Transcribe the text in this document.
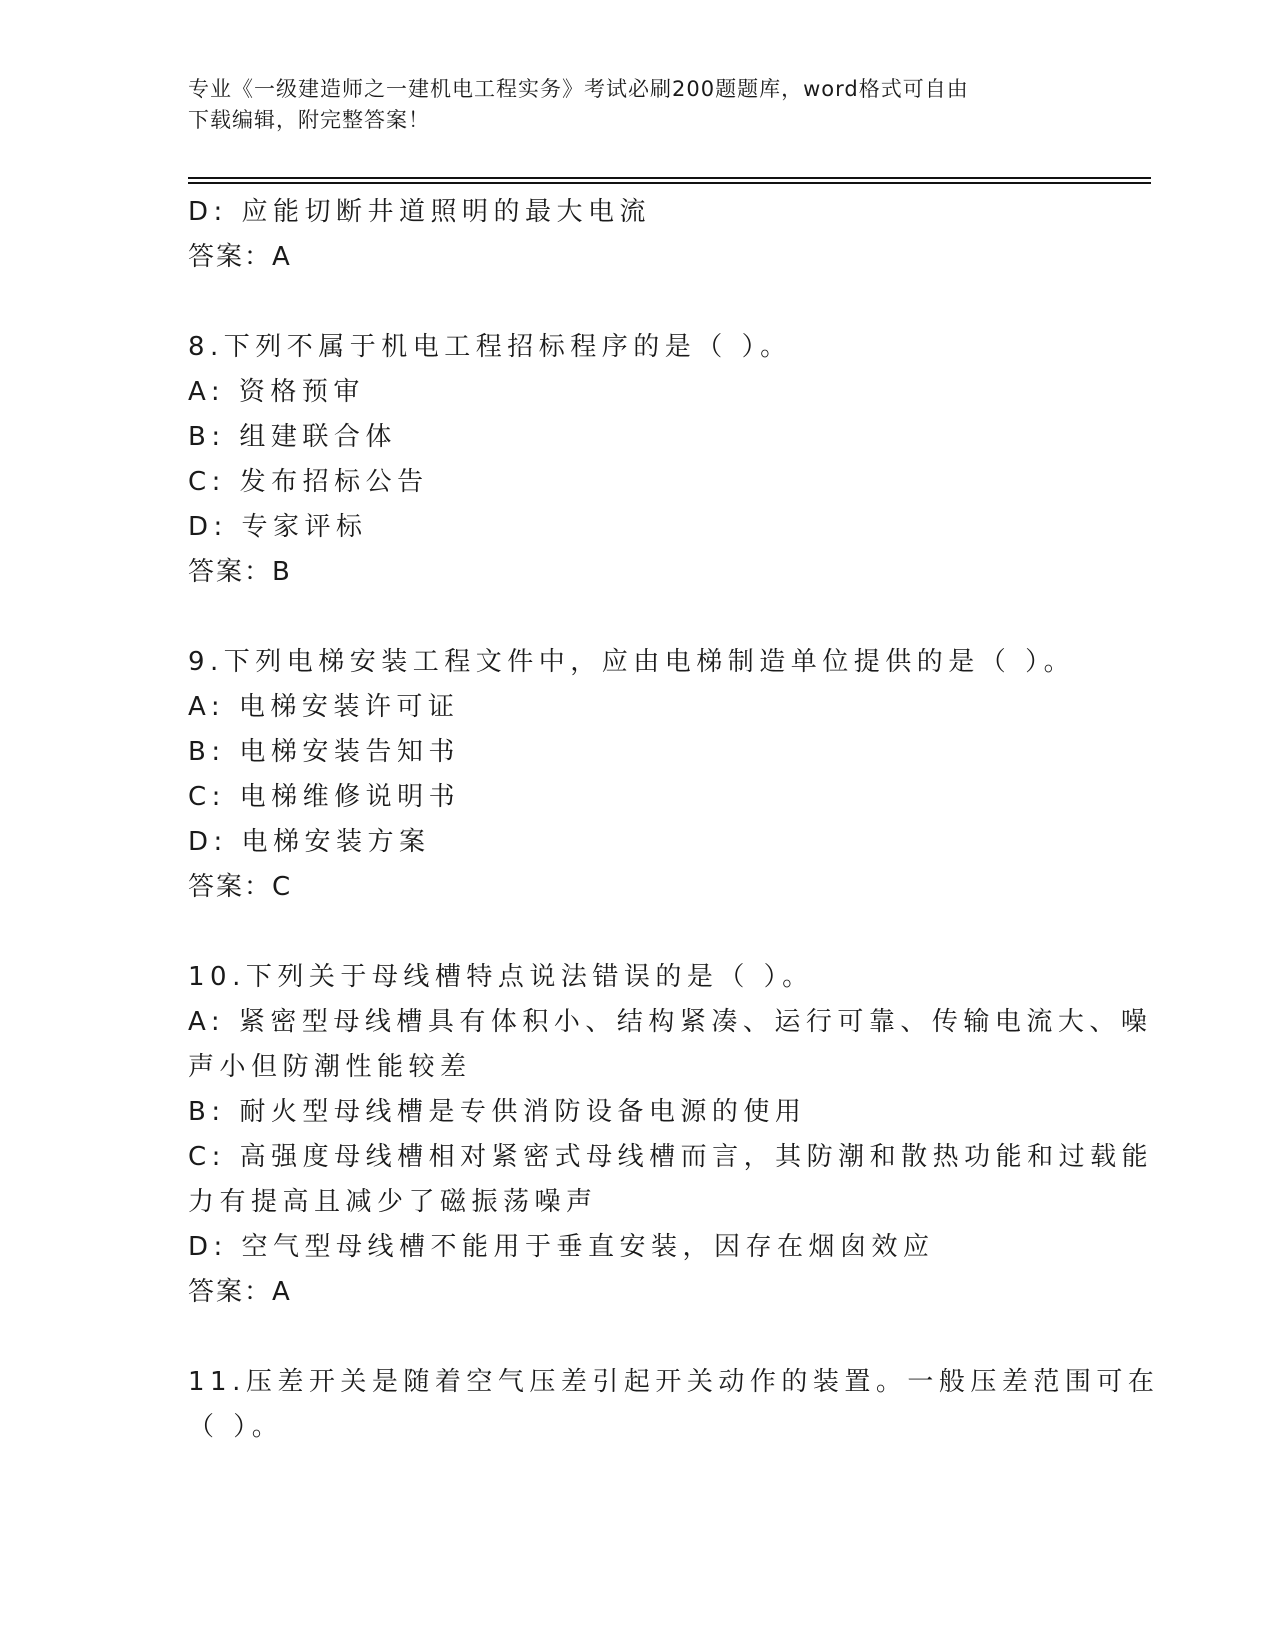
专业《一级建造师之一建机电工程实务》考试必刷200题题库，word格式可自由
下载编辑，附完整答案！
D: 应能切断井道照明的最大电流
答案：A
8.下列不属于机电工程招标程序的是（ ）。
A: 资格预审
B: 组建联合体
C: 发布招标公告
D: 专家评标
答案：B
9.下列电梯安装工程文件中，应由电梯制造单位提供的是（ ）。
A: 电梯安装许可证
B: 电梯安装告知书
C: 电梯维修说明书
D: 电梯安装方案
答案：C
10.下列关于母线槽特点说法错误的是（ ）。
A: 紧密型母线槽具有体积小、结构紧凑、运行可靠、传输电流大、噪
声小但防潮性能较差
B: 耐火型母线槽是专供消防设备电源的使用
C: 高强度母线槽相对紧密式母线槽而言，其防潮和散热功能和过载能
力有提高且减少了磁振荡噪声
D: 空气型母线槽不能用于垂直安装，因存在烟囱效应
答案：A
11.压差开关是随着空气压差引起开关动作的装置。一般压差范围可在
（ ）。
